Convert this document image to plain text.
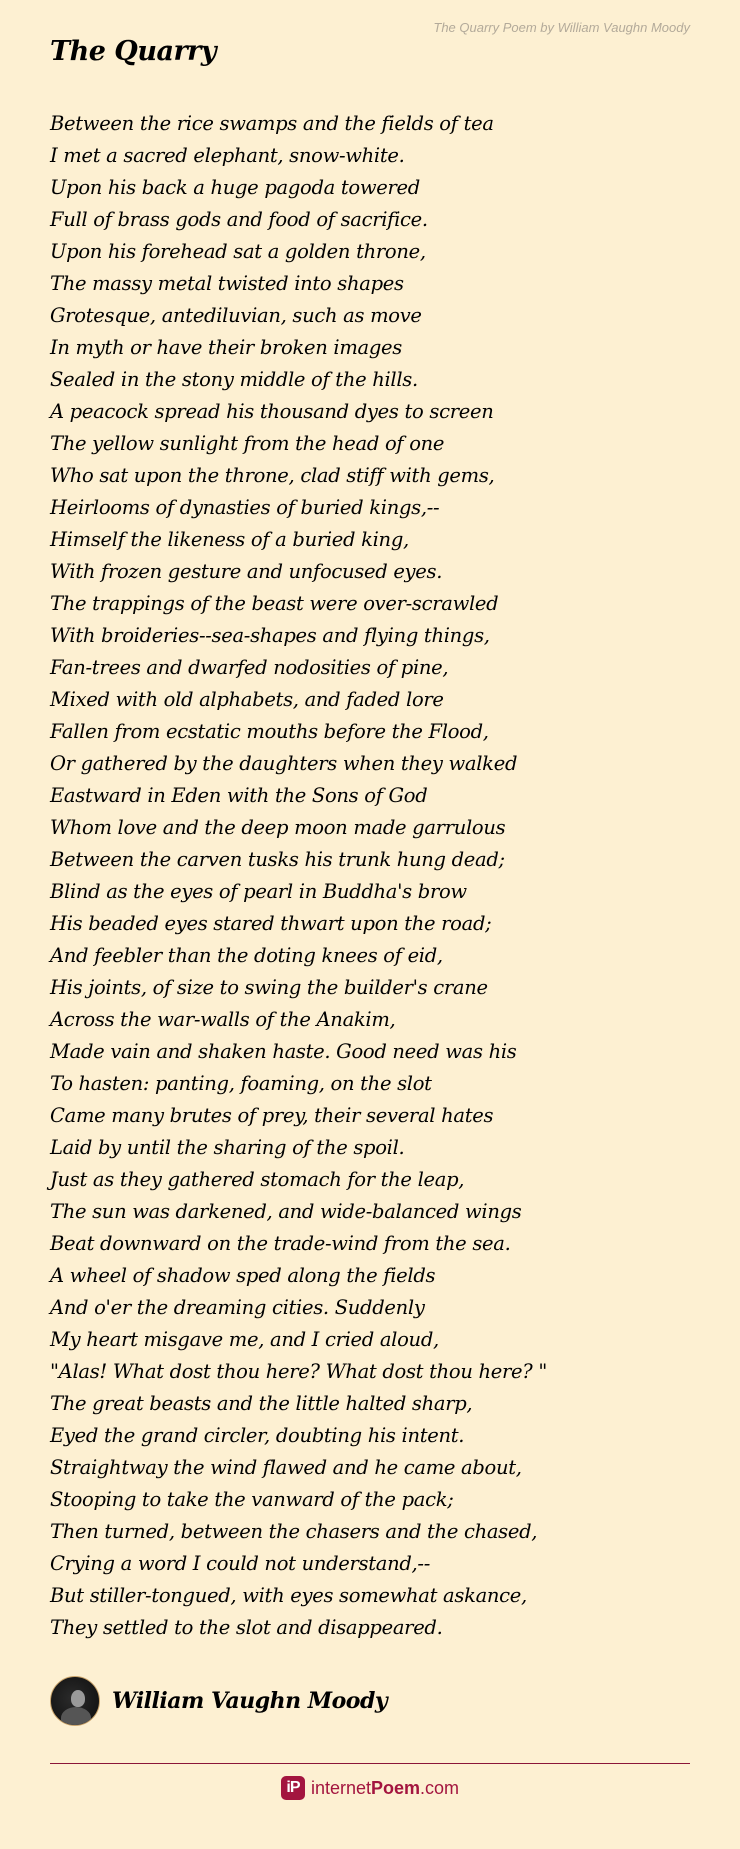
The Quarry Poem by William Vaughn Moody
The Quarry
Between the rice swamps and the fields of tea
I met a sacred elephant, snow-white.
Upon his back a huge pagoda towered
Full of brass gods and food of sacrifice.
Upon his forehead sat a golden throne,
The massy metal twisted into shapes
Grotesque, antediluvian, such as move
In myth or have their broken images
Sealed in the stony middle of the hills.
A peacock spread his thousand dyes to screen
The yellow sunlight from the head of one
Who sat upon the throne, clad stiff with gems,
Heirlooms of dynasties of buried kings,--
Himself the likeness of a buried king,
With frozen gesture and unfocused eyes.
The trappings of the beast were over-scrawled
With broideries--sea-shapes and flying things,
Fan-trees and dwarfed nodosities of pine,
Mixed with old alphabets, and faded lore
Fallen from ecstatic mouths before the Flood,
Or gathered by the daughters when they walked
Eastward in Eden with the Sons of God
Whom love and the deep moon made garrulous
Between the carven tusks his trunk hung dead;
Blind as the eyes of pearl in Buddha's brow
His beaded eyes stared thwart upon the road;
And feebler than the doting knees of eid,
His joints, of size to swing the builder's crane
Across the war-walls of the Anakim,
Made vain and shaken haste. Good need was his
To hasten: panting, foaming, on the slot
Came many brutes of prey, their several hates
Laid by until the sharing of the spoil.
Just as they gathered stomach for the leap,
The sun was darkened, and wide-balanced wings
Beat downward on the trade-wind from the sea.
A wheel of shadow sped along the fields
And o'er the dreaming cities. Suddenly
My heart misgave me, and I cried aloud,
"Alas! What dost thou here? What dost thou here? "
The great beasts and the little halted sharp,
Eyed the grand circler, doubting his intent.
Straightway the wind flawed and he came about,
Stooping to take the vanward of the pack;
Then turned, between the chasers and the chased,
Crying a word I could not understand,--
But stiller-tongued, with eyes somewhat askance,
They settled to the slot and disappeared.
William Vaughn Moody
iP internetPoem.com
